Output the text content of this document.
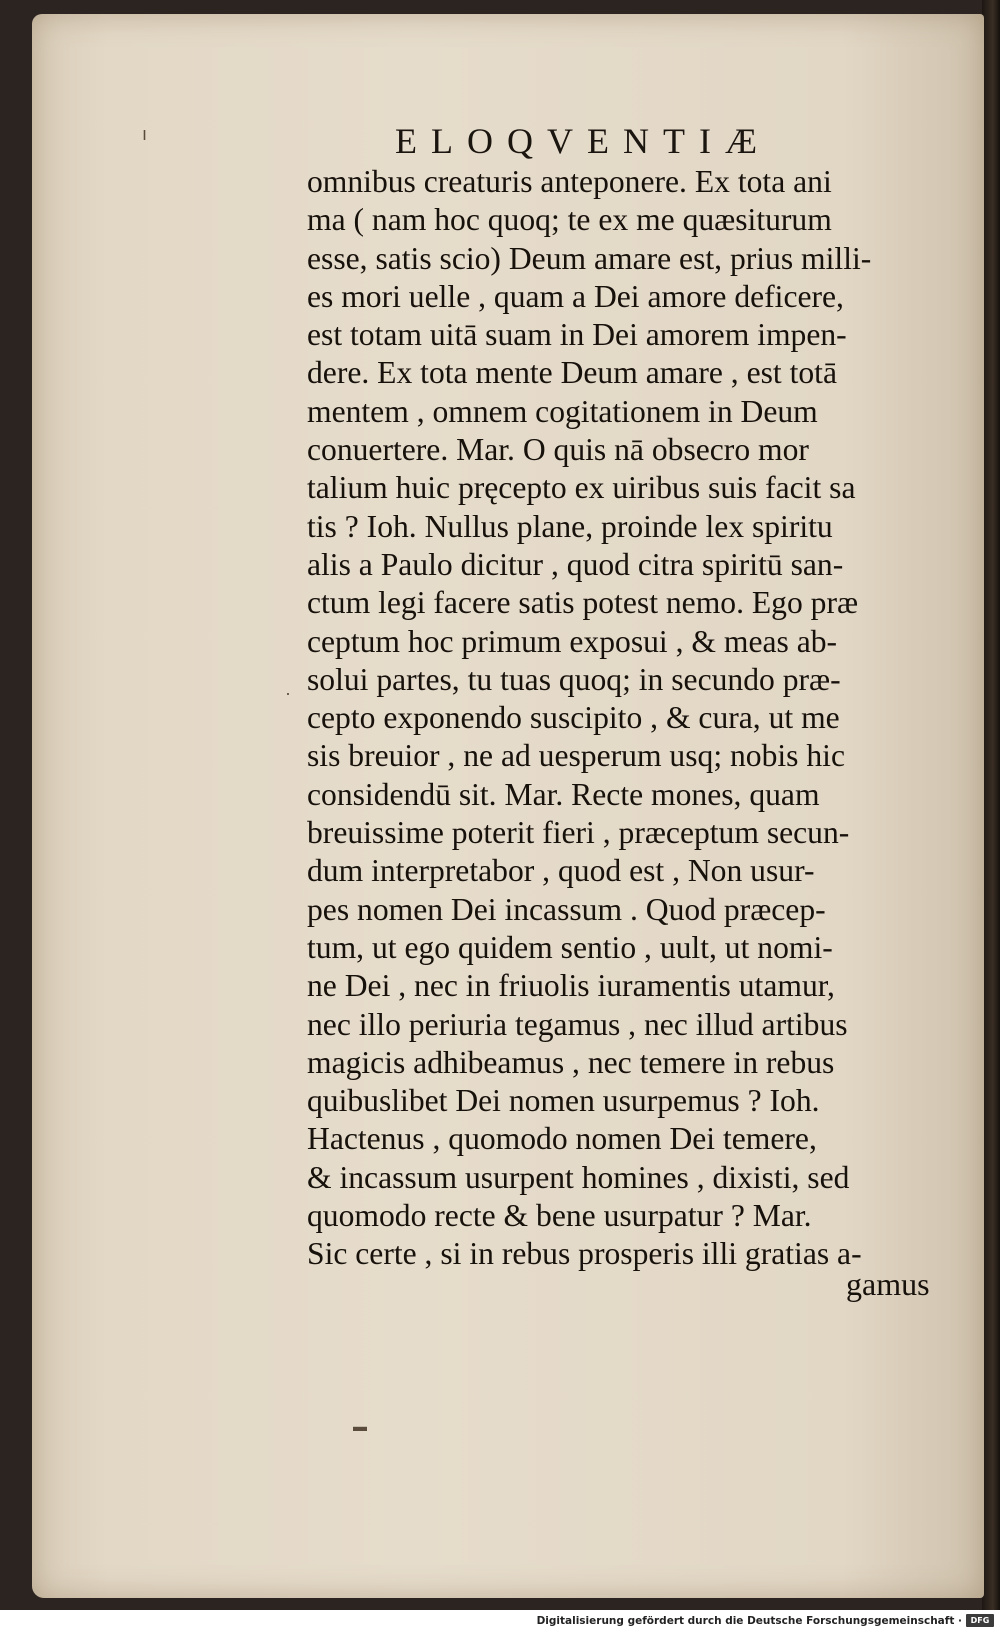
ELOQVENTIÆ
omnibus creaturis anteponere. Ex tota ani
ma ( nam hoc quoq; te ex me quæsiturum
esse, satis scio) Deum amare est, prius milli-
es mori uelle , quam a Dei amore deficere,
est totam uitā suam in Dei amorem impen-
dere. Ex tota mente Deum amare , est totā
mentem , omnem cogitationem in Deum
conuertere. Mar. O quis nā obsecro mor
talium huic pręcepto ex uiribus suis facit sa
tis ? Ioh. Nullus plane, proinde lex spiritu
alis a Paulo dicitur , quod citra spiritū san-
ctum legi facere satis potest nemo. Ego præ
ceptum hoc primum exposui , & meas ab-
solui partes, tu tuas quoq; in secundo præ-
cepto exponendo suscipito , & cura, ut me
sis breuior , ne ad uesperum usq; nobis hic
considendū sit. Mar. Recte mones, quam
breuissime poterit fieri , præceptum secun-
dum interpretabor , quod est , Non usur-
pes nomen Dei incassum . Quod præcep-
tum, ut ego quidem sentio , uult, ut nomi-
ne Dei , nec in friuolis iuramentis utamur,
nec illo periuria tegamus , nec illud artibus
magicis adhibeamus , nec temere in rebus
quibuslibet Dei nomen usurpemus ? Ioh.
Hactenus , quomodo nomen Dei temere,
& incassum usurpent homines , dixisti, sed
quomodo recte & bene usurpatur ? Mar.
Sic certe , si in rebus prosperis illi gratias a-
gamus
ı
·
▬
Digitalisierung gefördert durch die Deutsche Forschungsgemeinschaft ·	DFG
